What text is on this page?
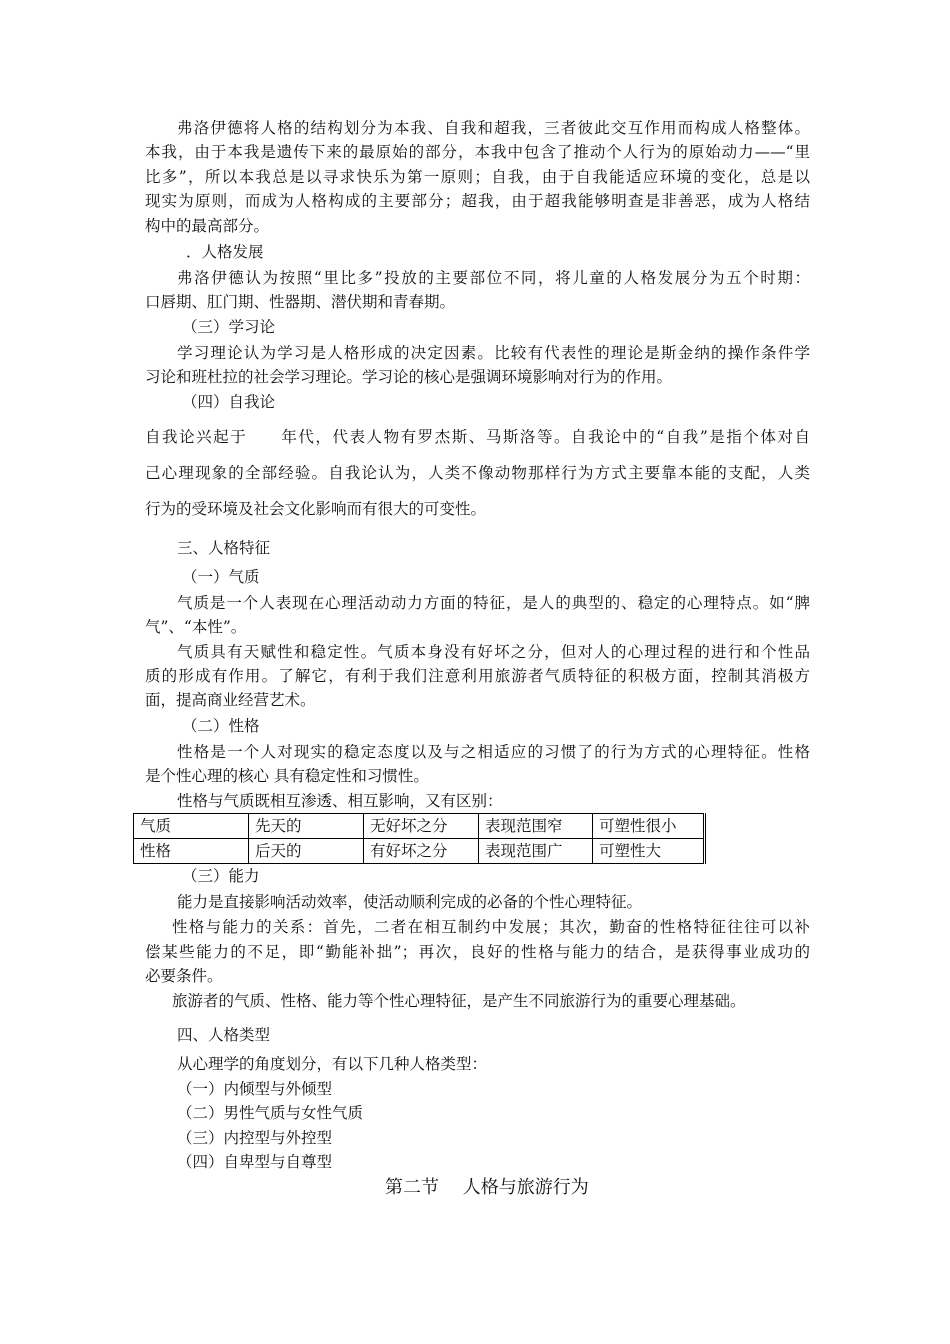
弗洛伊德将人格的结构划分为本我、自我和超我，三者彼此交互作用而构成人格整体。
本我，由于本我是遗传下来的最原始的部分，本我中包含了推动个人行为的原始动力——“里
比多”，所以本我总是以寻求快乐为第一原则；自我，由于自我能适应环境的变化，总是以
现实为原则，而成为人格构成的主要部分；超我，由于超我能够明查是非善恶，成为人格结
构中的最高部分。
．人格发展
弗洛伊德认为按照“里比多”投放的主要部位不同，将儿童的人格发展分为五个时期：
口唇期、肛门期、性器期、潜伏期和青春期。
（三）学习论
学习理论认为学习是人格形成的决定因素。比较有代表性的理论是斯金纳的操作条件学
习论和班杜拉的社会学习理论。学习论的核心是强调环境影响对行为的作用。
（四）自我论
自我论兴起于　　年代，代表人物有罗杰斯、马斯洛等。自我论中的“自我”是指个体对自
己心理现象的全部经验。自我论认为，人类不像动物那样行为方式主要靠本能的支配，人类
行为的受环境及社会文化影响而有很大的可变性。
三、人格特征
（一）气质
气质是一个人表现在心理活动动力方面的特征，是人的典型的、稳定的心理特点。如“脾
气”、“本性”。
气质具有天赋性和稳定性。气质本身没有好坏之分，但对人的心理过程的进行和个性品
质的形成有作用。了解它，有利于我们注意利用旅游者气质特征的积极方面，控制其消极方
面，提高商业经营艺术。
（二）性格
性格是一个人对现实的稳定态度以及与之相适应的习惯了的行为方式的心理特征。性格
是个性心理的核心 具有稳定性和习惯性。
性格与气质既相互渗透、相互影响，又有区别：
气质	先天的	无好坏之分	表现范围窄	可塑性很小
性格	后天的	有好坏之分	表现范围广	可塑性大
（三）能力
能力是直接影响活动效率，使活动顺利完成的必备的个性心理特征。
性格与能力的关系：首先，二者在相互制约中发展；其次，勤奋的性格特征往往可以补
偿某些能力的不足，即“勤能补拙”；再次，良好的性格与能力的结合，是获得事业成功的
必要条件。
旅游者的气质、性格、能力等个性心理特征，是产生不同旅游行为的重要心理基础。
四、人格类型
从心理学的角度划分，有以下几种人格类型：
（一）内倾型与外倾型
（二）男性气质与女性气质
（三）内控型与外控型
（四）自卑型与自尊型
第二节　 人格与旅游行为
